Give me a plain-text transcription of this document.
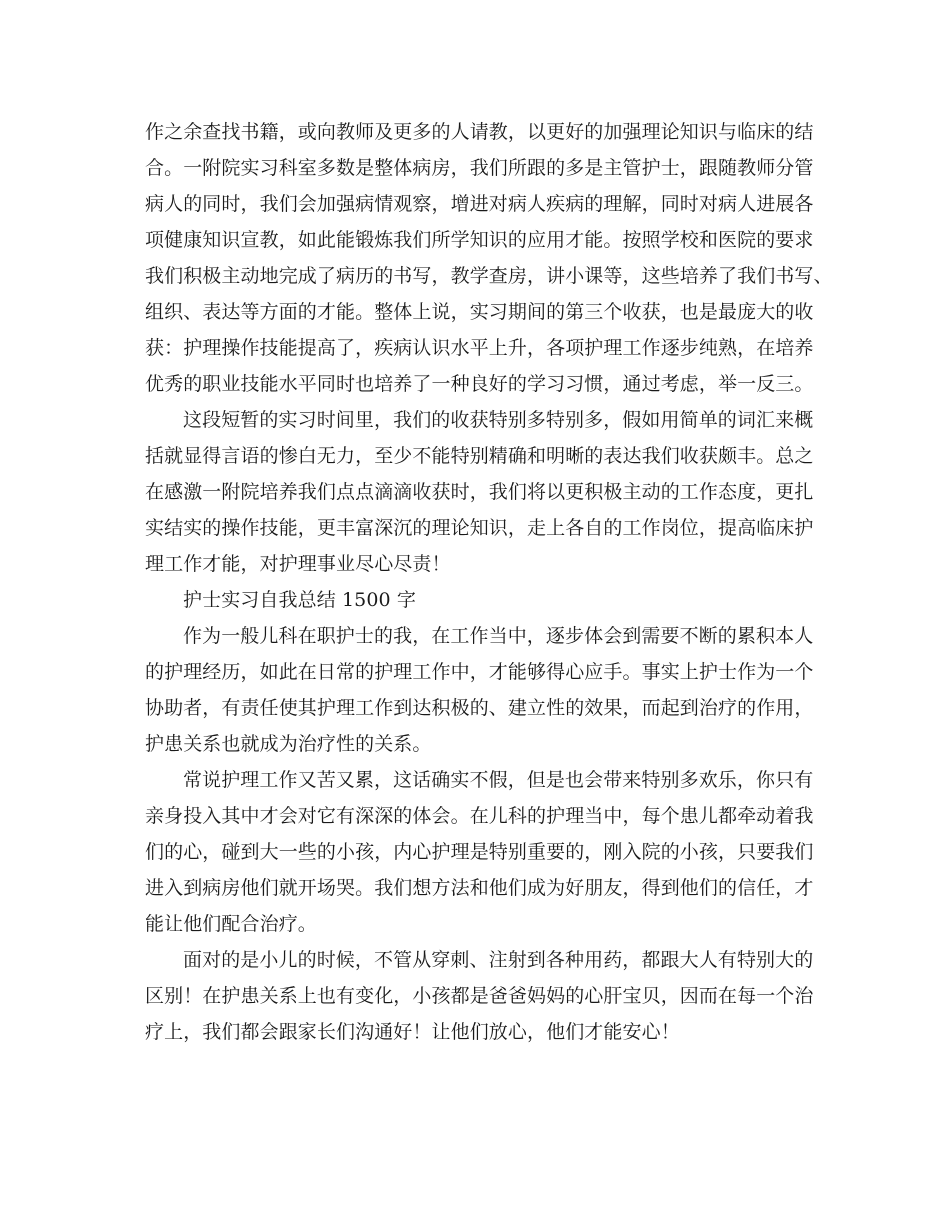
作之余查找书籍，或向教师及更多的人请教，以更好的加强理论知识与临床的结
合。一附院实习科室多数是整体病房，我们所跟的多是主管护士，跟随教师分管
病人的同时，我们会加强病情观察，增进对病人疾病的理解，同时对病人进展各
项健康知识宣教，如此能锻炼我们所学知识的应用才能。按照学校和医院的要求
我们积极主动地完成了病历的书写，教学查房，讲小课等，这些培养了我们书写、
组织、表达等方面的才能。整体上说，实习期间的第三个收获，也是最庞大的收
获：护理操作技能提高了，疾病认识水平上升，各项护理工作逐步纯熟，在培养
优秀的职业技能水平同时也培养了一种良好的学习习惯，通过考虑，举一反三。
这段短暂的实习时间里，我们的收获特别多特别多，假如用简单的词汇来概
括就显得言语的惨白无力，至少不能特别精确和明晰的表达我们收获颇丰。总之
在感激一附院培养我们点点滴滴收获时，我们将以更积极主动的工作态度，更扎
实结实的操作技能，更丰富深沉的理论知识，走上各自的工作岗位，提高临床护
理工作才能，对护理事业尽心尽责！
护士实习自我总结 1500 字
作为一般儿科在职护士的我，在工作当中，逐步体会到需要不断的累积本人
的护理经历，如此在日常的护理工作中，才能够得心应手。事实上护士作为一个
协助者，有责任使其护理工作到达积极的、建立性的效果，而起到治疗的作用，
护患关系也就成为治疗性的关系。
常说护理工作又苦又累，这话确实不假，但是也会带来特别多欢乐，你只有
亲身投入其中才会对它有深深的体会。在儿科的护理当中，每个患儿都牵动着我
们的心，碰到大一些的小孩，内心护理是特别重要的，刚入院的小孩，只要我们
进入到病房他们就开场哭。我们想方法和他们成为好朋友，得到他们的信任，才
能让他们配合治疗。
面对的是小儿的时候，不管从穿刺、注射到各种用药，都跟大人有特别大的
区别！在护患关系上也有变化，小孩都是爸爸妈妈的心肝宝贝，因而在每一个治
疗上，我们都会跟家长们沟通好！让他们放心，他们才能安心！
